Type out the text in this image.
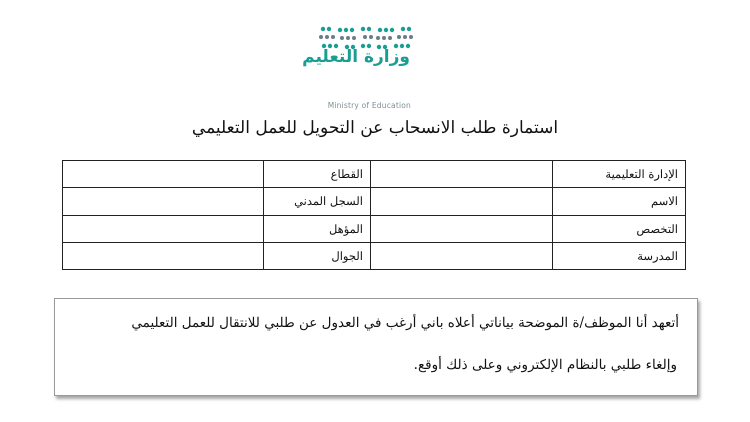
وزارة التعليم
Ministry of Education
استمارة طلب الانسحاب عن التحويل للعمل التعليمي
الإدارة التعليمية		القطاع	
الاسم		السجل المدني	
التخصص		المؤهل	
المدرسة		الجوال	

أتعهد أنا الموظف/ة الموضحة بياناتي أعلاه باني أرغب في العدول عن طلبي للانتقال للعمل التعليمي

وإلغاء طلبي بالنظام الإلكتروني وعلى ذلك أوقع.
